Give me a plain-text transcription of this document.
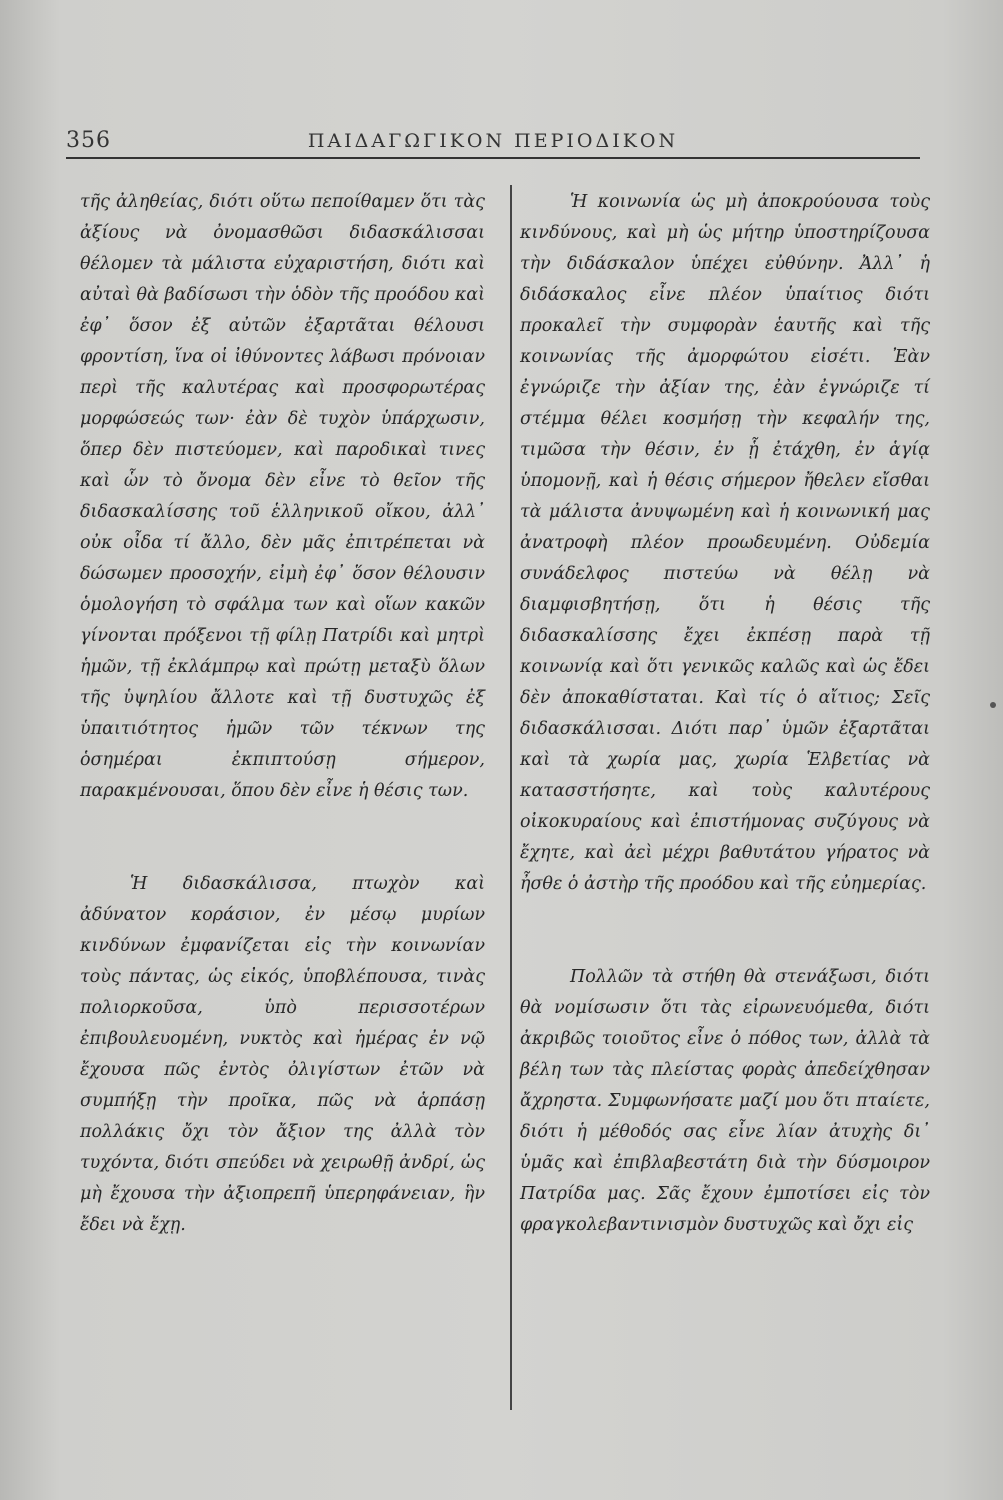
356	ΠΑΙΔΑΓΩΓΙΚΟΝ ΠΕΡΙΟΔΙΚΟΝ

τῆς ἀληθείας, διότι οὕτω πεποίθαμεν ὅτι τὰς ἀξίους νὰ ὀνομασθῶσι διδασκάλισσαι θέλομεν τὰ μάλιστα εὐχαριστήση, διότι καὶ αὐταὶ θὰ βαδίσωσι τὴν ὁδὸν τῆς προόδου καὶ ἐφ᾽ ὅσον ἐξ αὐτῶν ἐξαρτᾶται θέλουσι φροντίση, ἵνα οἱ ἰθύνοντες λάβωσι πρόνοιαν περὶ τῆς καλυτέρας καὶ προσφορωτέρας μορφώσεώς των· ἐὰν δὲ τυχὸν ὑπάρχωσιν, ὅπερ δὲν πιστεύομεν, καὶ παροδικαὶ τινες καὶ ὧν τὸ ὄνομα δὲν εἶνε τὸ θεῖον τῆς διδασκαλίσσης τοῦ ἑλληνικοῦ οἴκου, ἀλλ᾽ οὐκ οἶδα τί ἄλλο, δὲν μᾶς ἐπιτρέπεται νὰ δώσωμεν προσοχήν, εἰμὴ ἐφ᾽ ὅσον θέλουσιν ὁμολογήση τὸ σφάλμα των καὶ οἵων κακῶν γίνονται πρόξενοι τῇ φίλῃ Πατρίδι καὶ μητρὶ ἡμῶν, τῇ ἐκλάμπρῳ καὶ πρώτῃ μεταξὺ ὅλων τῆς ὑψηλίου ἄλλοτε καὶ τῇ δυστυχῶς ἐξ ὑπαιτιότητος ἡμῶν τῶν τέκνων της ὁσημέραι ἐκπιπτούσῃ σήμερον, παρακμένουσαι, ὅπου δὲν εἶνε ἡ θέσις των.

Ἡ διδασκάλισσα, πτωχὸν καὶ ἀδύνατον κοράσιον, ἐν μέσῳ μυρίων κινδύνων ἐμφανίζεται εἰς τὴν κοινωνίαν τοὺς πάντας, ὡς εἰκός, ὑποβλέπουσα, τινὰς πολιορκοῦσα, ὑπὸ περισσοτέρων ἐπιβουλευομένη, νυκτὸς καὶ ἡμέρας ἐν νῷ ἔχουσα πῶς ἐντὸς ὀλιγίστων ἐτῶν νὰ συμπήξῃ τὴν προῖκα, πῶς νὰ ἁρπάσῃ πολλάκις ὄχι τὸν ἄξιον της ἀλλὰ τὸν τυχόντα, διότι σπεύδει νὰ χειρωθῇ ἀνδρί, ὡς μὴ ἔχουσα τὴν ἀξιοπρεπῆ ὑπερηφάνειαν, ἣν ἔδει νὰ ἔχῃ.

Ἡ κοινωνία ὡς μὴ ἀποκρούουσα τοὺς κινδύνους, καὶ μὴ ὡς μήτηρ ὑποστηρίζουσα τὴν διδάσκαλον ὑπέχει εὐθύνην. Ἀλλ᾽ ἡ διδάσκαλος εἶνε πλέον ὑπαίτιος διότι προκαλεῖ τὴν συμφορὰν ἑαυτῆς καὶ τῆς κοινωνίας τῆς ἀμορφώτου εἰσέτι. Ἐὰν ἐγνώριζε τὴν ἀξίαν της, ἐὰν ἐγνώριζε τί στέμμα θέλει κοσμήσῃ τὴν κεφαλήν της, τιμῶσα τὴν θέσιν, ἐν ᾗ ἐτάχθη, ἐν ἁγίᾳ ὑπομονῇ, καὶ ἡ θέσις σήμερον ἤθελεν εἴσθαι τὰ μάλιστα ἀνυψωμένη καὶ ἡ κοινωνική μας ἀνατροφὴ πλέον προωδευμένη. Οὐδεμία συνάδελφος πιστεύω νὰ θέλῃ νὰ διαμφισβητήσῃ, ὅτι ἡ θέσις τῆς διδασκαλίσσης ἔχει ἐκπέσῃ παρὰ τῇ κοινωνίᾳ καὶ ὅτι γενικῶς καλῶς καὶ ὡς ἔδει δὲν ἀποκαθίσταται. Καὶ τίς ὁ αἴτιος; Σεῖς διδασκάλισσαι. Διότι παρ᾽ ὑμῶν ἐξαρτᾶται καὶ τὰ χωρία μας, χωρία Ἑλβετίας νὰ κατασστήσητε, καὶ τοὺς καλυτέρους οἰκοκυραίους καὶ ἐπιστήμονας συζύγους νὰ ἔχητε, καὶ ἀεὶ μέχρι βαθυτάτου γήρατος νὰ ἦσθε ὁ ἀστὴρ τῆς προόδου καὶ τῆς εὐημερίας.

Πολλῶν τὰ στήθη θὰ στενάξωσι, διότι θὰ νομίσωσιν ὅτι τὰς εἰρωνευόμεθα, διότι ἀκριβῶς τοιοῦτος εἶνε ὁ πόθος των, ἀλλὰ τὰ βέλη των τὰς πλείστας φορὰς ἀπεδείχθησαν ἄχρηστα. Συμφωνήσατε μαζί μου ὅτι πταίετε, διότι ἡ μέθοδός σας εἶνε λίαν ἀτυχὴς δι᾽ ὑμᾶς καὶ ἐπιβλαβεστάτη διὰ τὴν δύσμοιρον Πατρίδα μας. Σᾶς ἔχουν ἐμποτίσει εἰς τὸν φραγκολεβαντινισμὸν δυστυχῶς καὶ ὄχι εἰς
